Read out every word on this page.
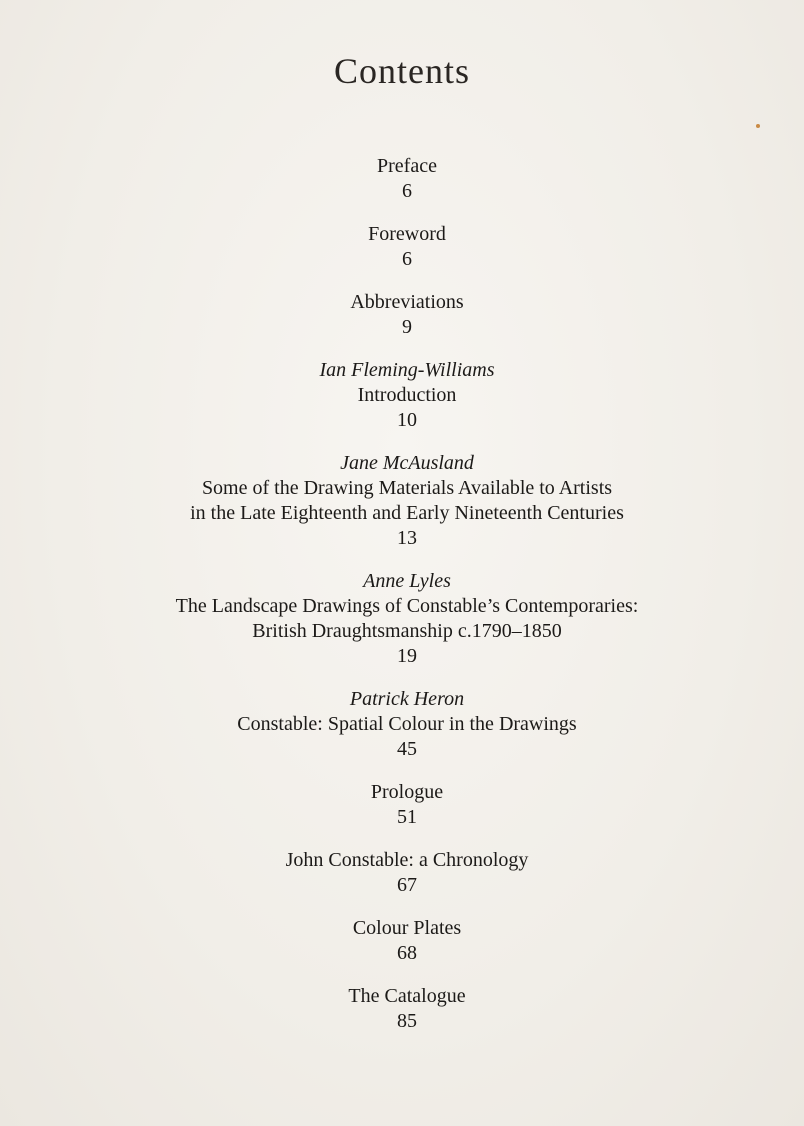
Contents
Preface
6
Foreword
6
Abbreviations
9
Ian Fleming-Williams
Introduction
10
Jane McAusland
Some of the Drawing Materials Available to Artists
in the Late Eighteenth and Early Nineteenth Centuries
13
Anne Lyles
The Landscape Drawings of Constable’s Contemporaries:
British Draughtsmanship c.1790–1850
19
Patrick Heron
Constable: Spatial Colour in the Drawings
45
Prologue
51
John Constable: a Chronology
67
Colour Plates
68
The Catalogue
85
